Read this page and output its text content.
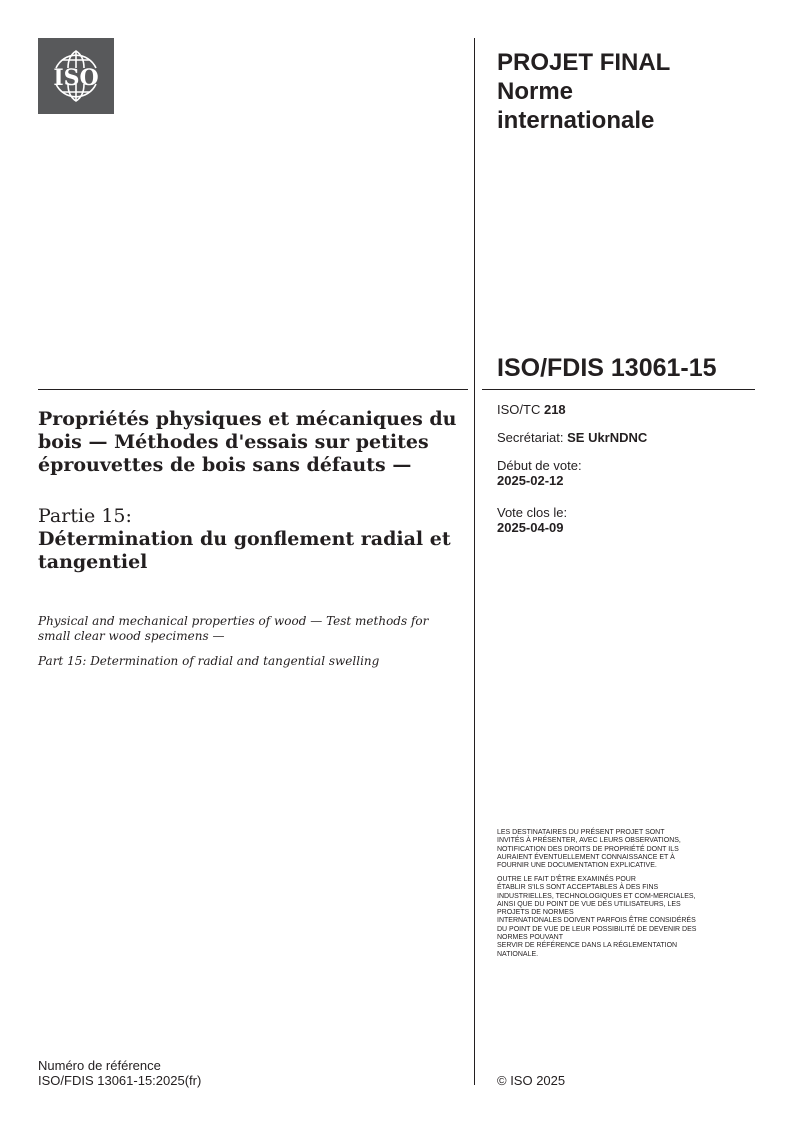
ISO
PROJET FINAL
Norme
internationale
ISO/FDIS 13061-15
ISO/TC 218
Secrétariat: SE UkrNDNC
Début de vote:
2025-02-12
Vote clos le:
2025-04-09
Propriétés physiques et mécaniques du bois — Méthodes d'essais sur petites éprouvettes de bois sans défauts —
Partie 15:
Détermination du gonflement radial et tangentiel
Physical and mechanical properties of wood — Test methods for small clear wood specimens —
Part 15: Determination of radial and tangential swelling
LES DESTINATAIRES DU PRÉSENT PROJET SONT
INVITÉS À PRÉSENTER, AVEC LEURS OBSERVATIONS,
NOTIFICATION DES DROITS DE PROPRIÉTÉ DONT ILS
AURAIENT ÉVENTUELLEMENT CONNAISSANCE ET À
FOURNIR UNE DOCUMENTATION EXPLICATIVE.
OUTRE LE FAIT D'ÊTRE EXAMINÉS POUR
ÉTABLIR S'ILS SONT ACCEPTABLES À DES FINS
INDUSTRIELLES, TECHNOLOGIQUES ET COM-MERCIALES,
AINSI QUE DU POINT DE VUE DES UTILISATEURS, LES
PROJETS DE NORMES
INTERNATIONALES DOIVENT PARFOIS ÊTRE CONSIDÉRÉS
DU POINT DE VUE DE LEUR POSSIBILITÉ DE DEVENIR DES
NORMES POUVANT
SERVIR DE RÉFÉRENCE DANS LA RÉGLEMENTATION
NATIONALE.
Numéro de référence
ISO/FDIS 13061-15:2025(fr)	© ISO 2025
